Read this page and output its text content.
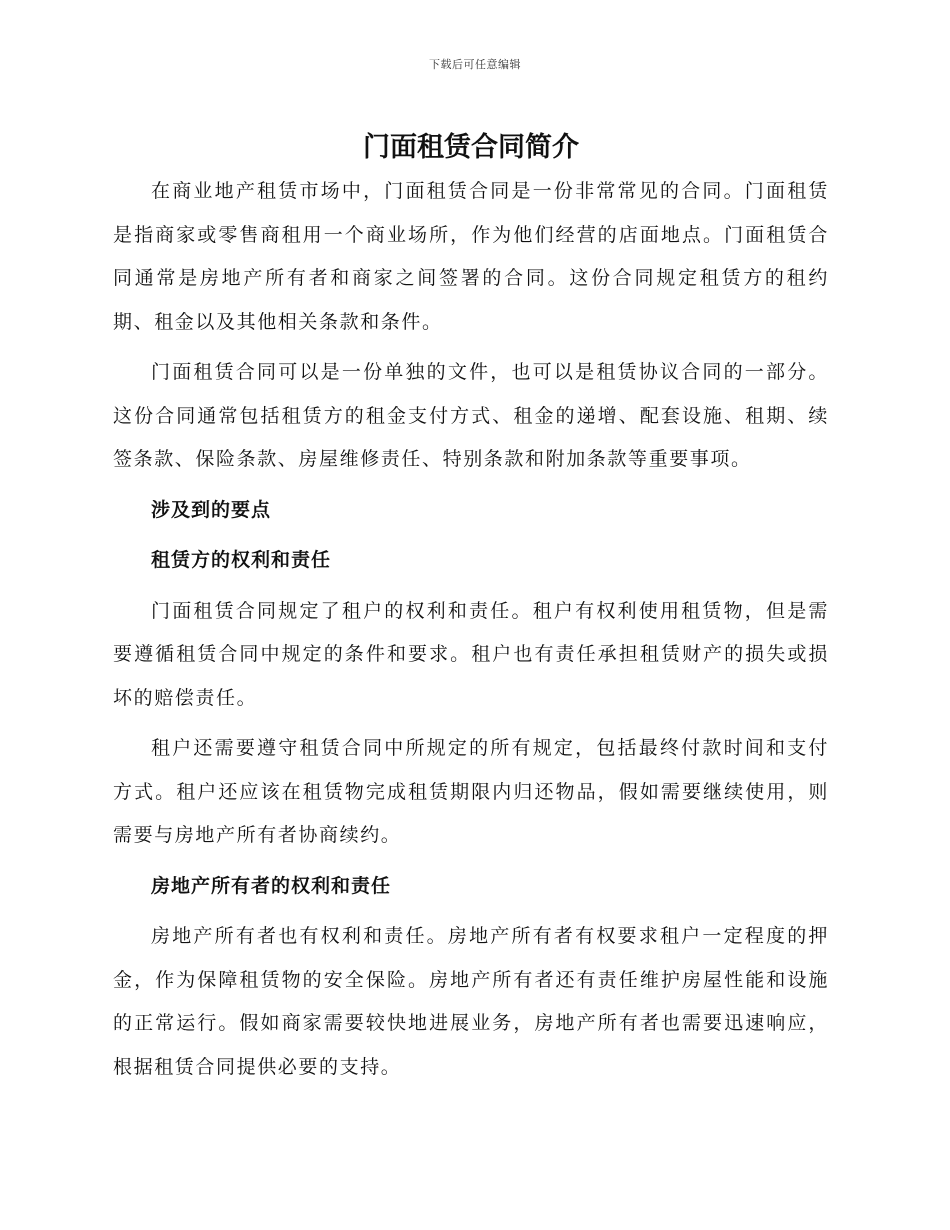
下载后可任意编辑
门面租赁合同简介

在商业地产租赁市场中，门面租赁合同是一份非常常见的合同。门面租赁是指商家或零售商租用一个商业场所，作为他们经营的店面地点。门面租赁合同通常是房地产所有者和商家之间签署的合同。这份合同规定租赁方的租约期、租金以及其他相关条款和条件。

门面租赁合同可以是一份单独的文件，也可以是租赁协议合同的一部分。这份合同通常包括租赁方的租金支付方式、租金的递增、配套设施、租期、续签条款、保险条款、房屋维修责任、特别条款和附加条款等重要事项。

涉及到的要点
租赁方的权利和责任

门面租赁合同规定了租户的权利和责任。租户有权利使用租赁物，但是需要遵循租赁合同中规定的条件和要求。租户也有责任承担租赁财产的损失或损坏的赔偿责任。

租户还需要遵守租赁合同中所规定的所有规定，包括最终付款时间和支付方式。租户还应该在租赁物完成租赁期限内归还物品，假如需要继续使用，则需要与房地产所有者协商续约。

房地产所有者的权利和责任

房地产所有者也有权利和责任。房地产所有者有权要求租户一定程度的押金，作为保障租赁物的安全保险。房地产所有者还有责任维护房屋性能和设施的正常运行。假如商家需要较快地进展业务，房地产所有者也需要迅速响应，根据租赁合同提供必要的支持。
